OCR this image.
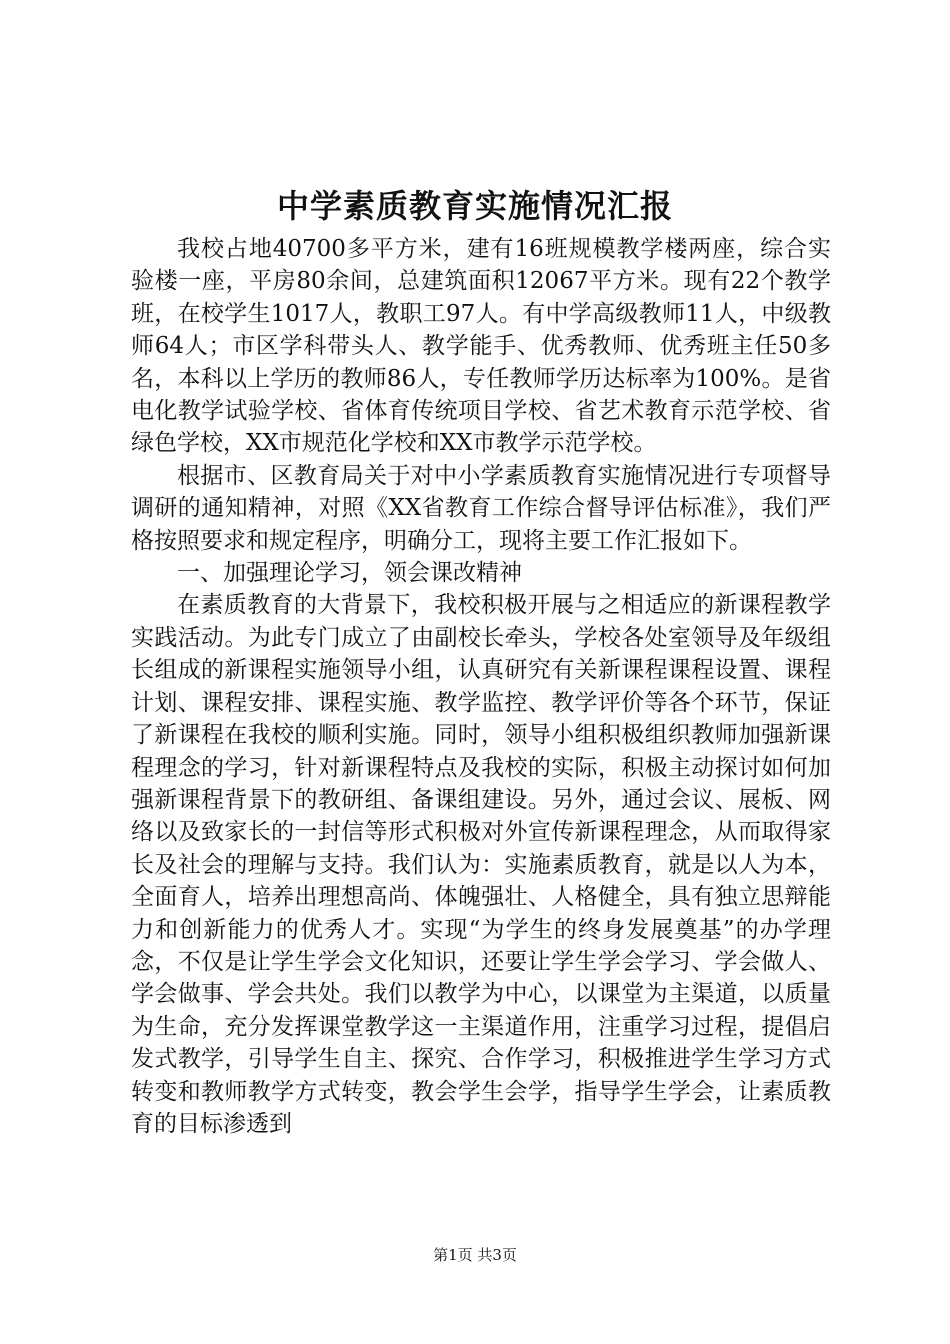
中学素质教育实施情况汇报

我校占地40700多平方米，建有16班规模教学楼两座，综合实验楼一座，平房80余间，总建筑面积12067平方米。现有22个教学班，在校学生1017人，教职工97人。有中学高级教师11人，中级教师64人；市区学科带头人、教学能手、优秀教师、优秀班主任50多名，本科以上学历的教师86人，专任教师学历达标率为100%。是省电化教学试验学校、省体育传统项目学校、省艺术教育示范学校、省绿色学校，XX市规范化学校和XX市教学示范学校。

根据市、区教育局关于对中小学素质教育实施情况进行专项督导调研的通知精神，对照《XX省教育工作综合督导评估标准》，我们严格按照要求和规定程序，明确分工，现将主要工作汇报如下。

一、加强理论学习，领会课改精神

在素质教育的大背景下，我校积极开展与之相适应的新课程教学实践活动。为此专门成立了由副校长牵头，学校各处室领导及年级组长组成的新课程实施领导小组，认真研究有关新课程课程设置、课程计划、课程安排、课程实施、教学监控、教学评价等各个环节，保证了新课程在我校的顺利实施。同时，领导小组积极组织教师加强新课程理念的学习，针对新课程特点及我校的实际，积极主动探讨如何加强新课程背景下的教研组、备课组建设。另外，通过会议、展板、网络以及致家长的一封信等形式积极对外宣传新课程理念，从而取得家长及社会的理解与支持。我们认为：实施素质教育，就是以人为本，全面育人，培养出理想高尚、体魄强壮、人格健全，具有独立思辩能力和创新能力的优秀人才。实现“为学生的终身发展奠基”的办学理念，不仅是让学生学会文化知识，还要让学生学会学习、学会做人、学会做事、学会共处。我们以教学为中心，以课堂为主渠道，以质量为生命，充分发挥课堂教学这一主渠道作用，注重学习过程，提倡启发式教学，引导学生自主、探究、合作学习，积极推进学生学习方式转变和教师教学方式转变，教会学生会学，指导学生学会，让素质教育的目标渗透到

第1页 共3页
